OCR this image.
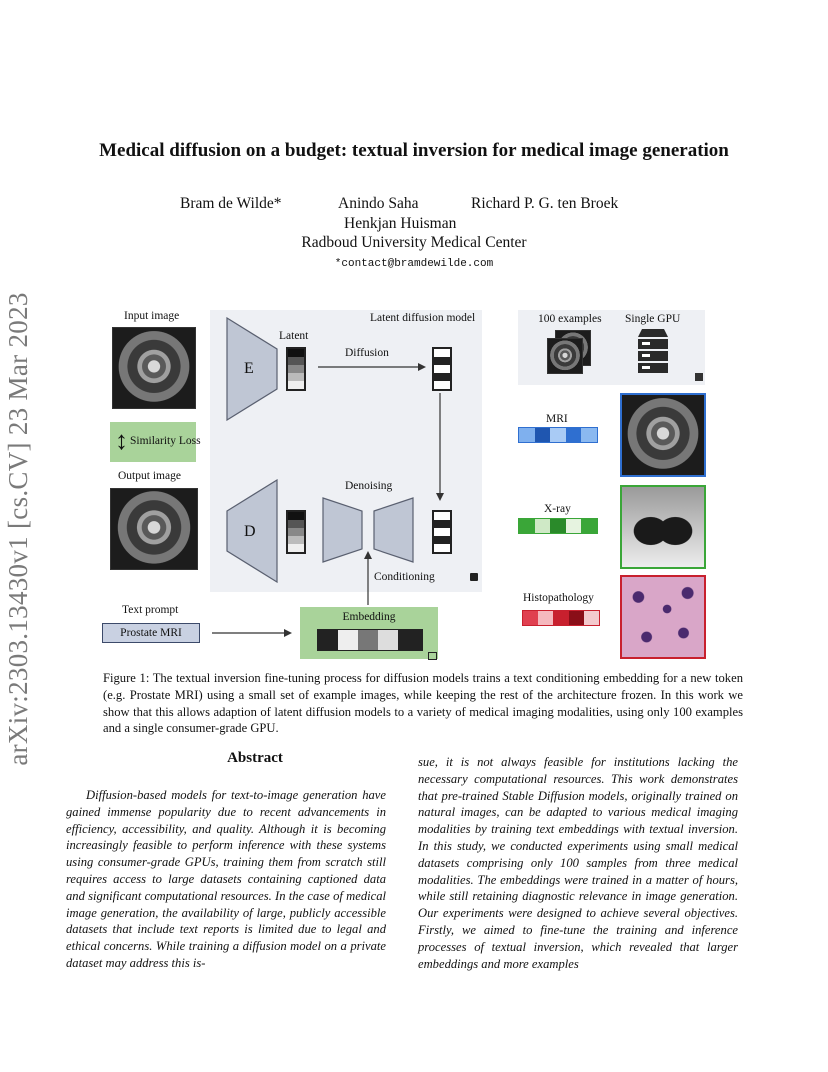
arXiv:2303.13430v1 [cs.CV] 23 Mar 2023
Medical diffusion on a budget: textual inversion for medical image generation
Bram de Wilde*	Anindo Saha	Richard P. G. ten Broek
Henkjan Huisman
Radboud University Medical Center
*contact@bramdewilde.com
Latent diffusion model
Input image
↕ Similarity Loss
Output image
E
D
Latent
Diffusion
Denoising
Conditioning
Text prompt
Prostate MRI
Embedding
100 examples Single GPU
MRI
X-ray
Histopathology
Figure 1: The textual inversion fine-tuning process for diffusion models trains a text conditioning embedding for a new token (e.g. Prostate MRI) using a small set of example images, while keeping the rest of the architecture frozen. In this work we show that this allows adaption of latent diffusion models to a variety of medical imaging modalities, using only 100 examples and a single consumer-grade GPU.
Abstract
Diffusion-based models for text-to-image generation have gained immense popularity due to recent advancements in efficiency, accessibility, and quality. Although it is becoming increasingly feasible to perform inference with these systems using consumer-grade GPUs, training them from scratch still requires access to large datasets containing captioned data and significant computational resources. In the case of medical image generation, the availability of large, publicly accessible datasets that include text reports is limited due to legal and ethical concerns. While training a diffusion model on a private dataset may address this is-
sue, it is not always feasible for institutions lacking the necessary computational resources. This work demonstrates that pre-trained Stable Diffusion models, originally trained on natural images, can be adapted to various medical imaging modalities by training text embeddings with textual inversion. In this study, we conducted experiments using small medical datasets comprising only 100 samples from three medical modalities. The embeddings were trained in a matter of hours, while still retaining diagnostic relevance in image generation. Our experiments were designed to achieve several objectives. Firstly, we aimed to fine-tune the training and inference processes of textual inversion, which revealed that larger embeddings and more examples
